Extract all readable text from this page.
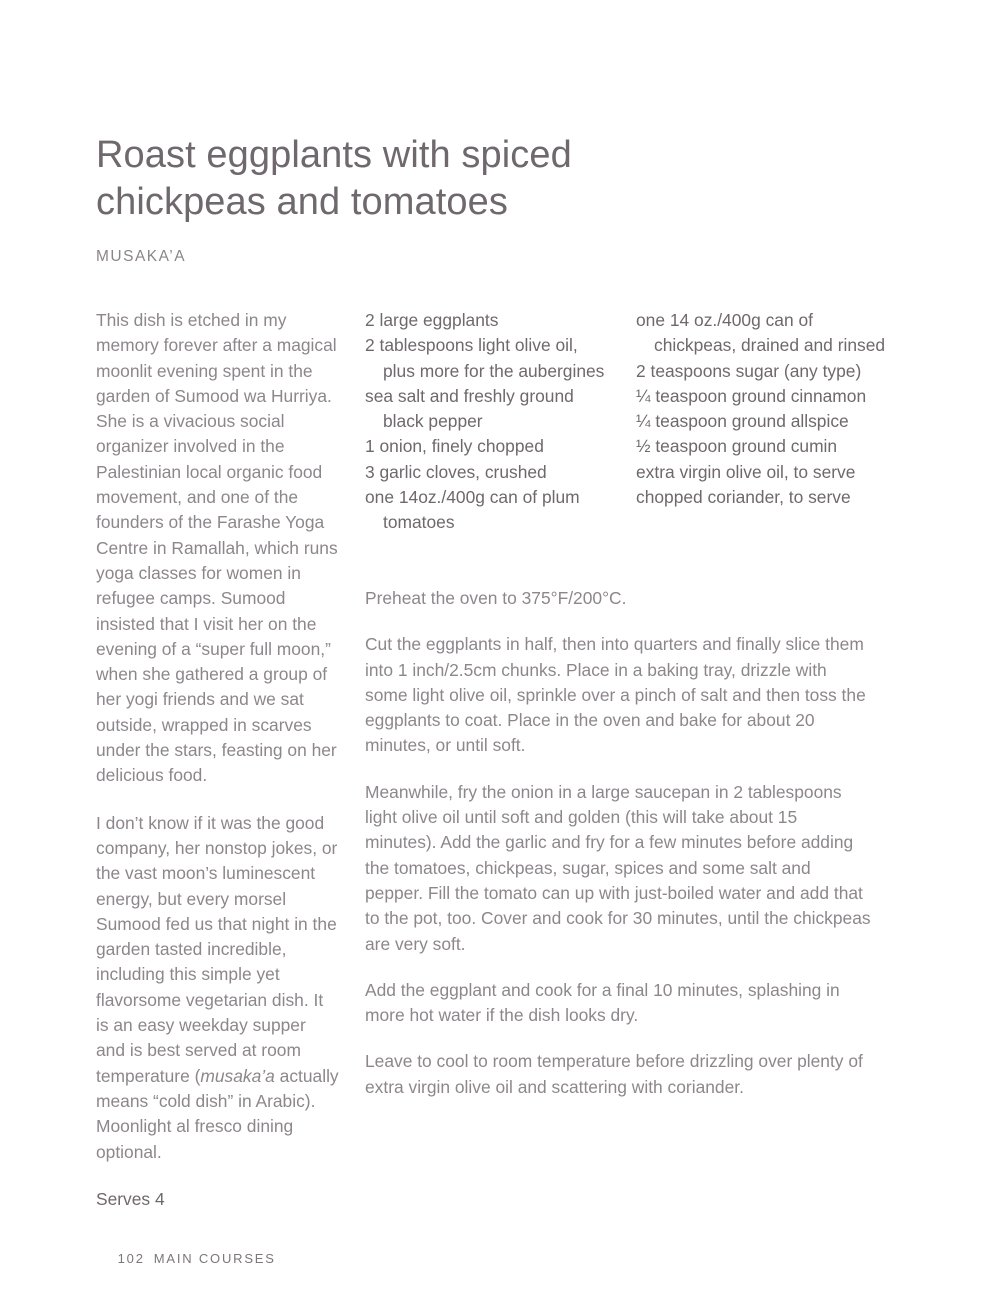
Roast eggplants with spiced chickpeas and tomatoes
MUSAKA’A

This dish is etched in my memory forever after a magical moonlit evening spent in the garden of Sumood wa Hurriya. She is a vivacious social organizer involved in the Palestinian local organic food movement, and one of the founders of the Farashe Yoga Centre in Ramallah, which runs yoga classes for women in refugee camps. Sumood insisted that I visit her on the evening of a “super full moon,” when she gathered a group of her yogi friends and we sat outside, wrapped in scarves under the stars, feasting on her delicious food.

I don’t know if it was the good company, her nonstop jokes, or the vast moon’s luminescent energy, but every morsel Sumood fed us that night in the garden tasted incredible, including this simple yet flavorsome vegetarian dish. It is an easy weekday supper and is best served at room temperature (musaka’a actually means “cold dish” in Arabic). Moonlight al fresco dining optional.

Serves 4
2 large eggplants
2 tablespoons light olive oil, plus more for the aubergines
sea salt and freshly ground black pepper
1 onion, finely chopped
3 garlic cloves, crushed
one 14oz./400g can of plum tomatoes
one 14 oz./400g can of chickpeas, drained and rinsed
2 teaspoons sugar (any type)
¼ teaspoon ground cinnamon
¼ teaspoon ground allspice
½ teaspoon ground cumin
extra virgin olive oil, to serve
chopped coriander, to serve

Preheat the oven to 375°F/200°C.

Cut the eggplants in half, then into quarters and finally slice them into 1 inch/2.5cm chunks. Place in a baking tray, drizzle with some light olive oil, sprinkle over a pinch of salt and then toss the eggplants to coat. Place in the oven and bake for about 20 minutes, or until soft.

Meanwhile, fry the onion in a large saucepan in 2 tablespoons light olive oil until soft and golden (this will take about 15 minutes). Add the garlic and fry for a few minutes before adding the tomatoes, chickpeas, sugar, spices and some salt and pepper. Fill the tomato can up with just-boiled water and add that to the pot, too. Cover and cook for 30 minutes, until the chickpeas are very soft.

Add the eggplant and cook for a final 10 minutes, splashing in more hot water if the dish looks dry.

Leave to cool to room temperature before drizzling over plenty of extra virgin olive oil and scattering with coriander.

102 MAIN COURSES
